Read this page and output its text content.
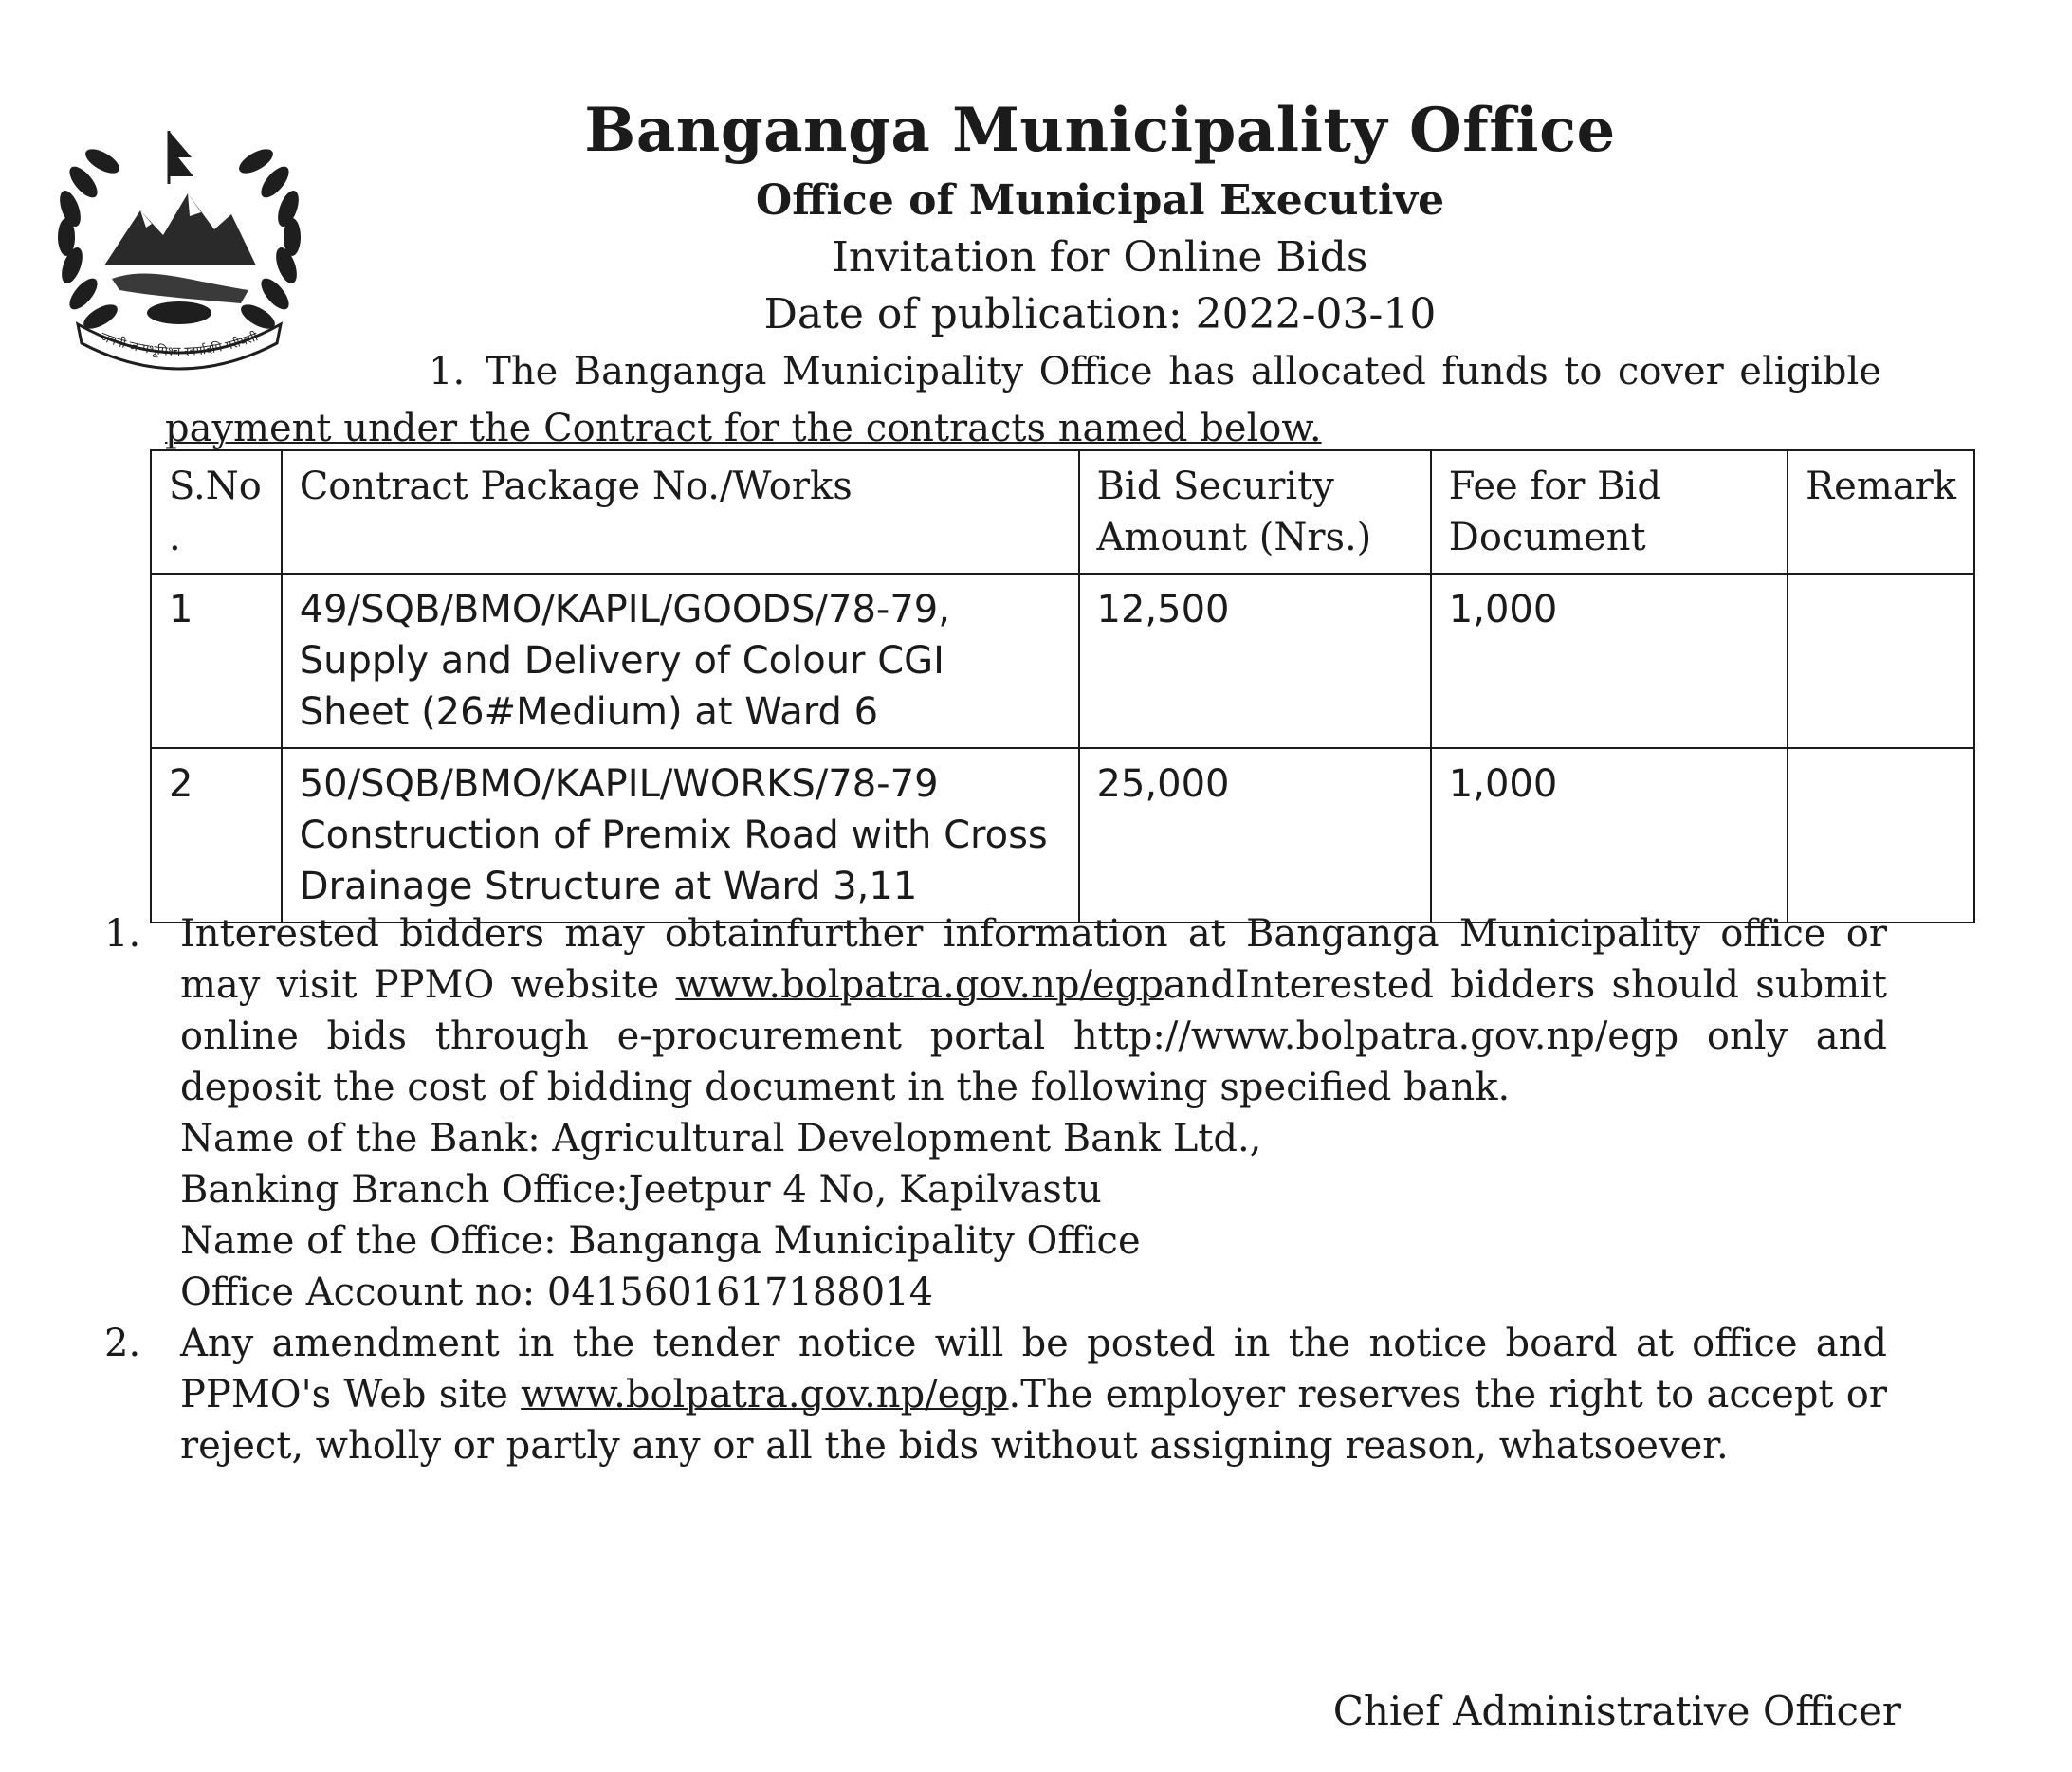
जननी जन्मभूमिश्च स्वर्गादपि गरीयसी
Banganga Municipality Office
Office of Municipal Executive
Invitation for Online Bids
Date of publication: 2022-03-10
1. The Banganga Municipality Office has allocated funds to cover eligible payment under the Contract for the contracts named below.
S.No .	Contract Package No./Works	Bid Security Amount (Nrs.)	Fee for Bid Document	Remark
1	49/SQB/BMO/KAPIL/GOODS/78-79, Supply and Delivery of Colour CGI Sheet (26#Medium) at Ward 6	12,500	1,000	
2	50/SQB/BMO/KAPIL/WORKS/78-79 Construction of Premix Road with Cross Drainage Structure at Ward 3,11	25,000	1,000	
1. Interested bidders may obtainfurther information at Banganga Municipality office or may visit PPMO website www.bolpatra.gov.np/egpandInterested bidders should submit online bids through e-procurement portal http://www.bolpatra.gov.np/egp only and deposit the cost of bidding document in the following specified bank.
Name of the Bank: Agricultural Development Bank Ltd.,
Banking Branch Office:Jeetpur 4 No, Kapilvastu
Name of the Office: Banganga Municipality Office
Office Account no: 0415601617188014
2. Any amendment in the tender notice will be posted in the notice board at office and PPMO's Web site www.bolpatra.gov.np/egp.The employer reserves the right to accept or reject, wholly or partly any or all the bids without assigning reason, whatsoever.
Chief Administrative Officer
